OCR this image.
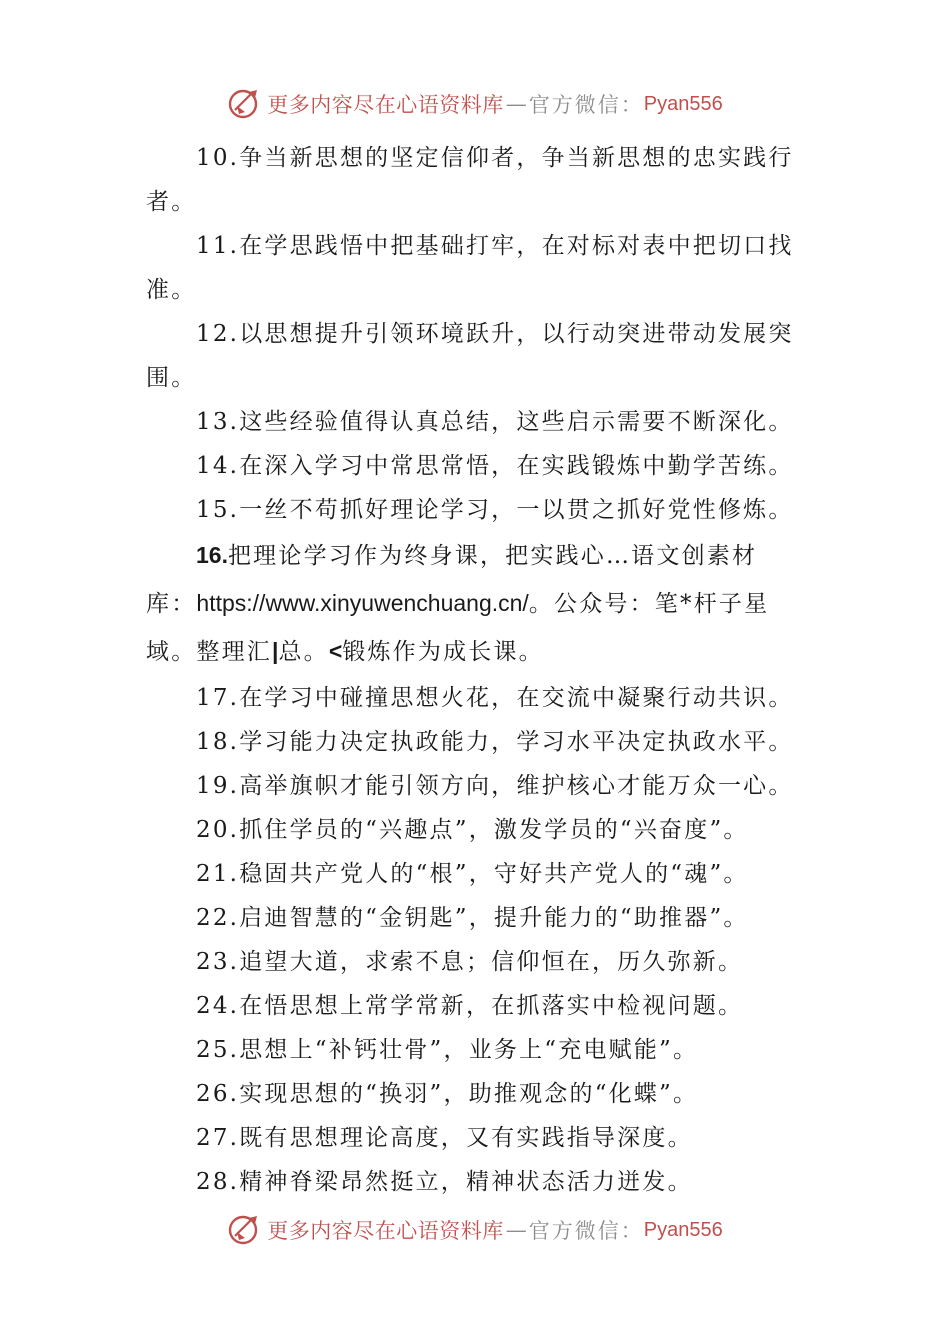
更多内容尽在心语资料库 — 官方微信： Pyan556

10.争当新思想的坚定信仰者，争当新思想的忠实践行者。

11.在学思践悟中把基础打牢，在对标对表中把切口找准。

12.以思想提升引领环境跃升，以行动突进带动发展突围。

13.这些经验值得认真总结，这些启示需要不断深化。

14.在深入学习中常思常悟，在实践锻炼中勤学苦练。

15.一丝不苟抓好理论学习，一以贯之抓好党性修炼。

16.把理论学习作为终身课，把实践心…语文创素材库：https://www.xinyuwenchuang.cn/。公众号：笔*杆子星域。整理汇|总。<锻炼作为成长课。

17.在学习中碰撞思想火花，在交流中凝聚行动共识。

18.学习能力决定执政能力，学习水平决定执政水平。

19.高举旗帜才能引领方向，维护核心才能万众一心。

20.抓住学员的“兴趣点”，激发学员的“兴奋度”。

21.稳固共产党人的“根”，守好共产党人的“魂”。

22.启迪智慧的“金钥匙”，提升能力的“助推器”。

23.追望大道，求索不息；信仰恒在，历久弥新。

24.在悟思想上常学常新，在抓落实中检视问题。

25.思想上“补钙壮骨”，业务上“充电赋能”。

26.实现思想的“换羽”，助推观念的“化蝶”。

27.既有思想理论高度，又有实践指导深度。

28.精神脊梁昂然挺立，精神状态活力迸发。

更多内容尽在心语资料库 — 官方微信： Pyan556
